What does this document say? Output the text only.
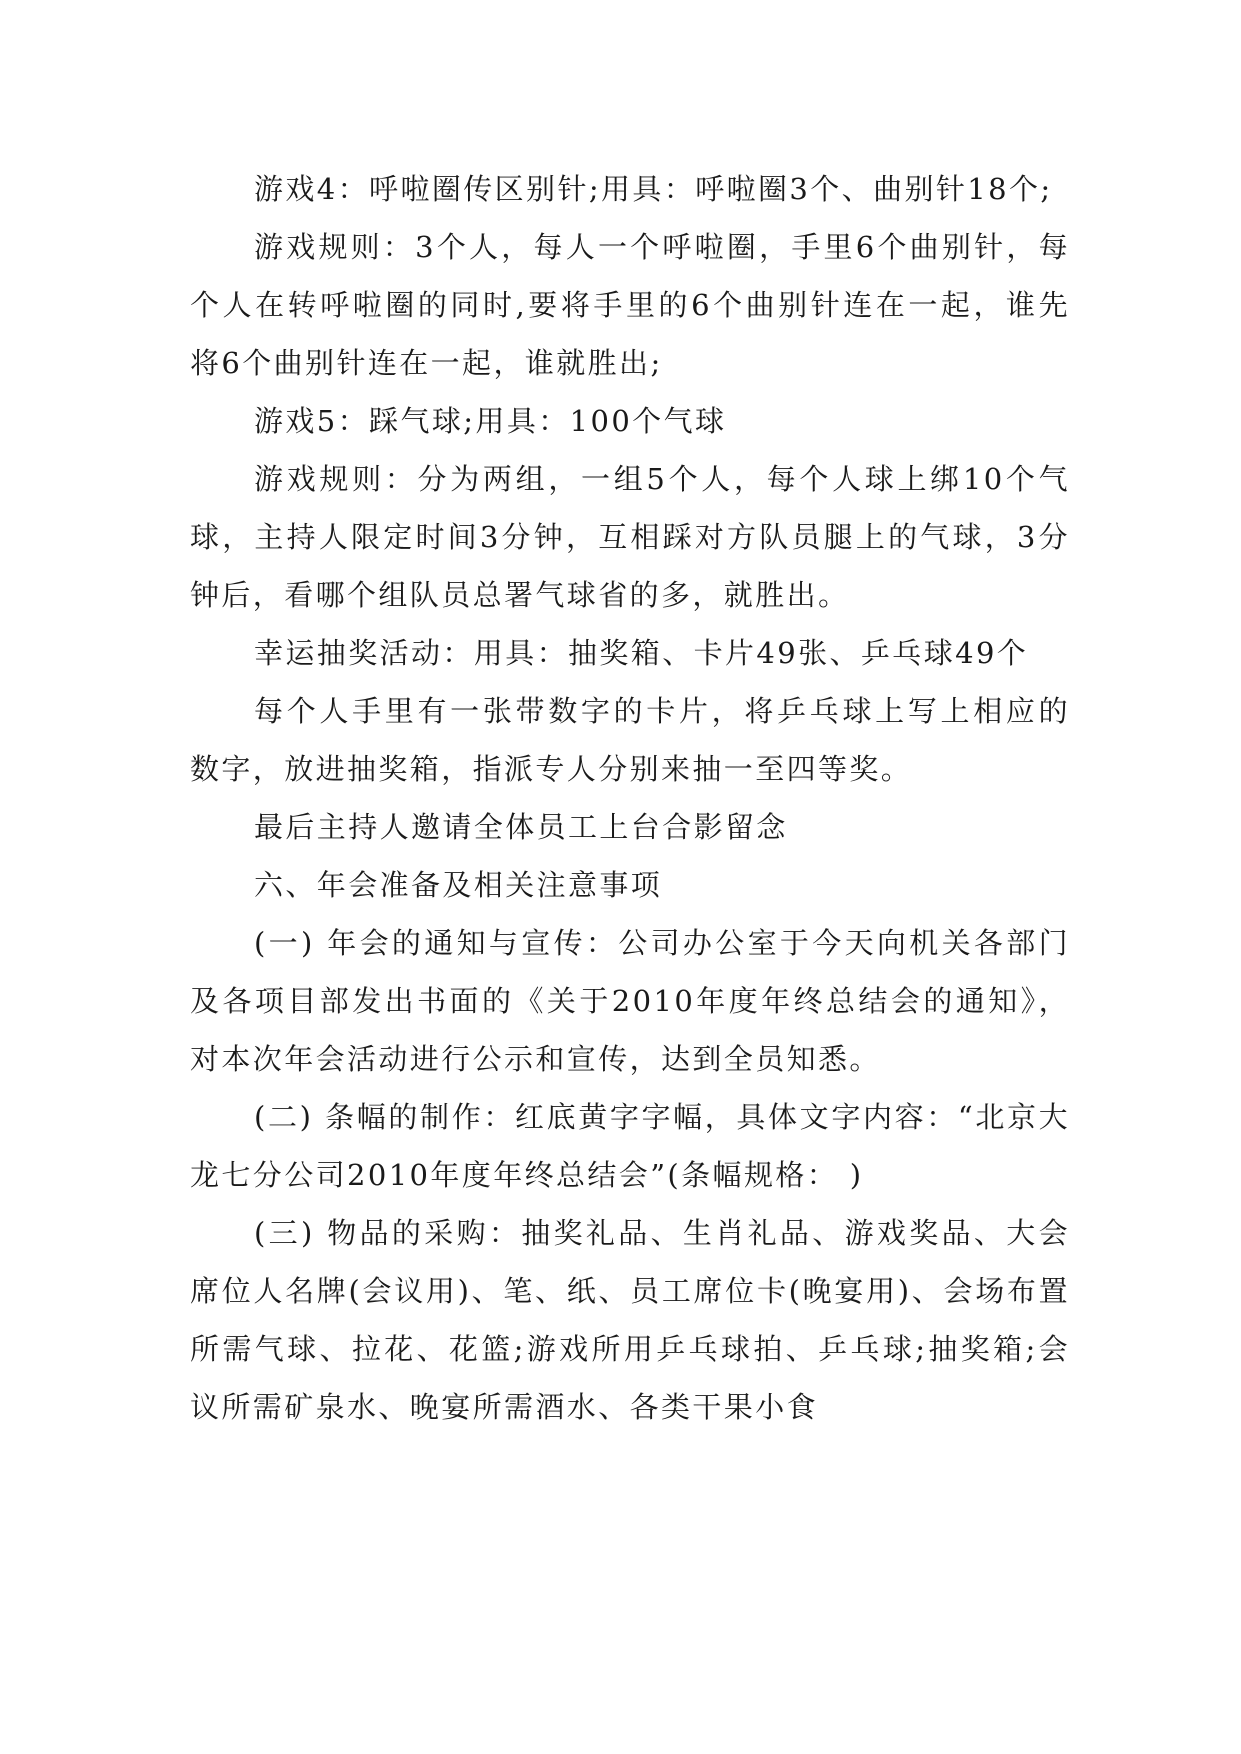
游戏4：呼啦圈传区别针;用具：呼啦圈3个、曲别针18个;

游戏规则：3个人，每人一个呼啦圈，手里6个曲别针，每个人在转呼啦圈的同时,要将手里的6个曲别针连在一起，谁先将6个曲别针连在一起，谁就胜出;

游戏5：踩气球;用具：100个气球

游戏规则：分为两组，一组5个人，每个人球上绑10个气球，主持人限定时间3分钟，互相踩对方队员腿上的气球，3分钟后，看哪个组队员总署气球省的多，就胜出。

幸运抽奖活动：用具：抽奖箱、卡片49张、乒乓球49个

每个人手里有一张带数字的卡片，将乒乓球上写上相应的数字，放进抽奖箱，指派专人分别来抽一至四等奖。

最后主持人邀请全体员工上台合影留念

六、年会准备及相关注意事项

(一) 年会的通知与宣传：公司办公室于今天向机关各部门及各项目部发出书面的《关于2010年度年终总结会的通知》，对本次年会活动进行公示和宣传，达到全员知悉。

(二) 条幅的制作：红底黄字字幅，具体文字内容：“北京大龙七分公司2010年度年终总结会”(条幅规格： )

(三) 物品的采购：抽奖礼品、生肖礼品、游戏奖品、大会席位人名牌(会议用)、笔、纸、员工席位卡(晚宴用)、会场布置所需气球、拉花、花篮;游戏所用乒乓球拍、乒乓球;抽奖箱;会议所需矿泉水、晚宴所需酒水、各类干果小食
